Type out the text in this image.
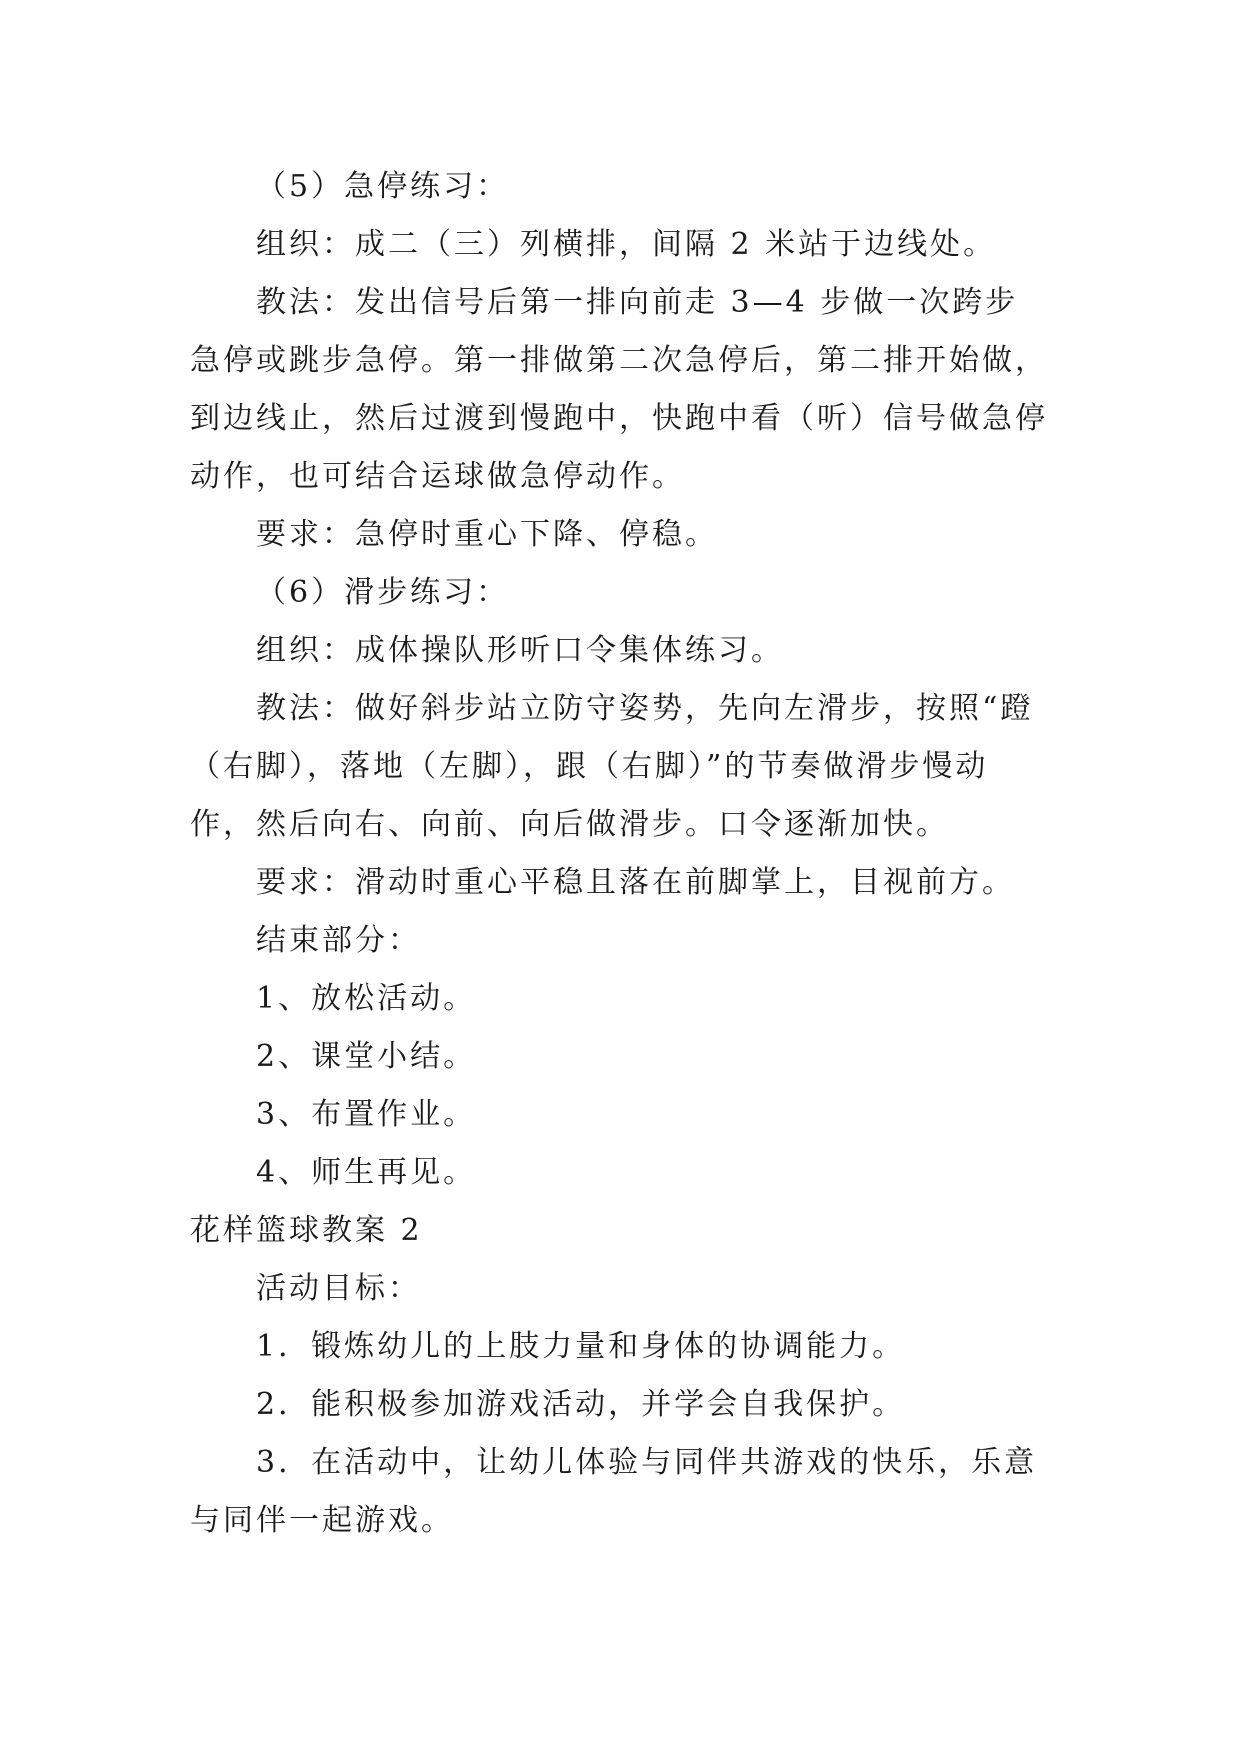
（5）急停练习：

组织：成二（三）列横排，间隔 2 米站于边线处。

教法：发出信号后第一排向前走 3—4 步做一次跨步急停或跳步急停。第一排做第二次急停后，第二排开始做，到边线止，然后过渡到慢跑中，快跑中看（听）信号做急停动作，也可结合运球做急停动作。

要求：急停时重心下降、停稳。

（6）滑步练习：

组织：成体操队形听口令集体练习。

教法：做好斜步站立防守姿势，先向左滑步，按照“蹬（右脚），落地（左脚），跟（右脚）”的节奏做滑步慢动作，然后向右、向前、向后做滑步。口令逐渐加快。

要求：滑动时重心平稳且落在前脚掌上，目视前方。

结束部分：

1、放松活动。

2、课堂小结。

3、布置作业。

4、师生再见。

花样篮球教案 2

活动目标：

1．锻炼幼儿的上肢力量和身体的协调能力。

2．能积极参加游戏活动，并学会自我保护。

3．在活动中，让幼儿体验与同伴共游戏的快乐，乐意与同伴一起游戏。
